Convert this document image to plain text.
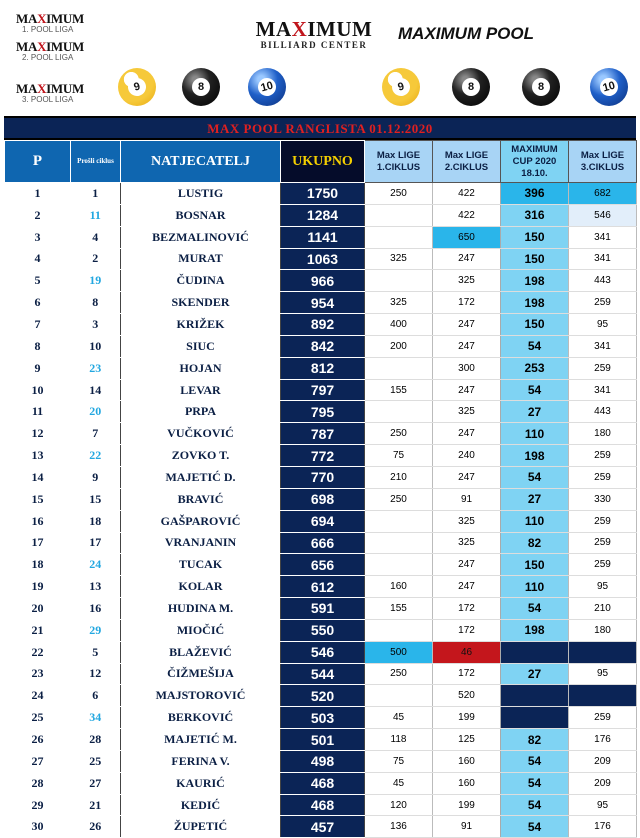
MAXIMUM
1. POOL LIGA
MAXIMUM
2. POOL LIGA
MAXIMUM
3. POOL LIGA
MAXIMUM
BILLIARD CENTER
MAXIMUM POOL
9	8	10	9	8	8	10
MAX POOL RANGLISTA 01.12.2020
P	Prošli ciklus	NATJECATELJ	UKUPNO	Max LIGE 1.CIKLUS	Max LIGE 2.CIKLUS	MAXIMUM CUP 2020 18.10.	Max LIGE 3.CIKLUS
1	1	LUSTIG	1750	250	422	396	682
2	11	BOSNAR	1284		422	316	546
3	4	BEZMALINOVIĆ	1141		650	150	341
4	2	MURAT	1063	325	247	150	341
5	19	ČUDINA	966		325	198	443
6	8	SKENDER	954	325	172	198	259
7	3	KRIŽEK	892	400	247	150	95
8	10	SIUC	842	200	247	54	341
9	23	HOJAN	812		300	253	259
10	14	LEVAR	797	155	247	54	341
11	20	PRPA	795		325	27	443
12	7	VUČKOVIĆ	787	250	247	110	180
13	22	ZOVKO T.	772	75	240	198	259
14	9	MAJETIĆ D.	770	210	247	54	259
15	15	BRAVIĆ	698	250	91	27	330
16	18	GAŠPAROVIĆ	694		325	110	259
17	17	VRANJANIN	666		325	82	259
18	24	TUCAK	656		247	150	259
19	13	KOLAR	612	160	247	110	95
20	16	HUDINA M.	591	155	172	54	210
21	29	MIOČIĆ	550		172	198	180
22	5	BLAŽEVIĆ	546	500	46		
23	12	ČIŽMEŠIJA	544	250	172	27	95
24	6	MAJSTOROVIĆ	520		520		
25	34	BERKOVIĆ	503	45	199		259
26	28	MAJETIĆ M.	501	118	125	82	176
27	25	FERINA V.	498	75	160	54	209
28	27	KAURIĆ	468	45	160	54	209
29	21	KEDIĆ	468	120	199	54	95
30	26	ŽUPETIĆ	457	136	91	54	176
